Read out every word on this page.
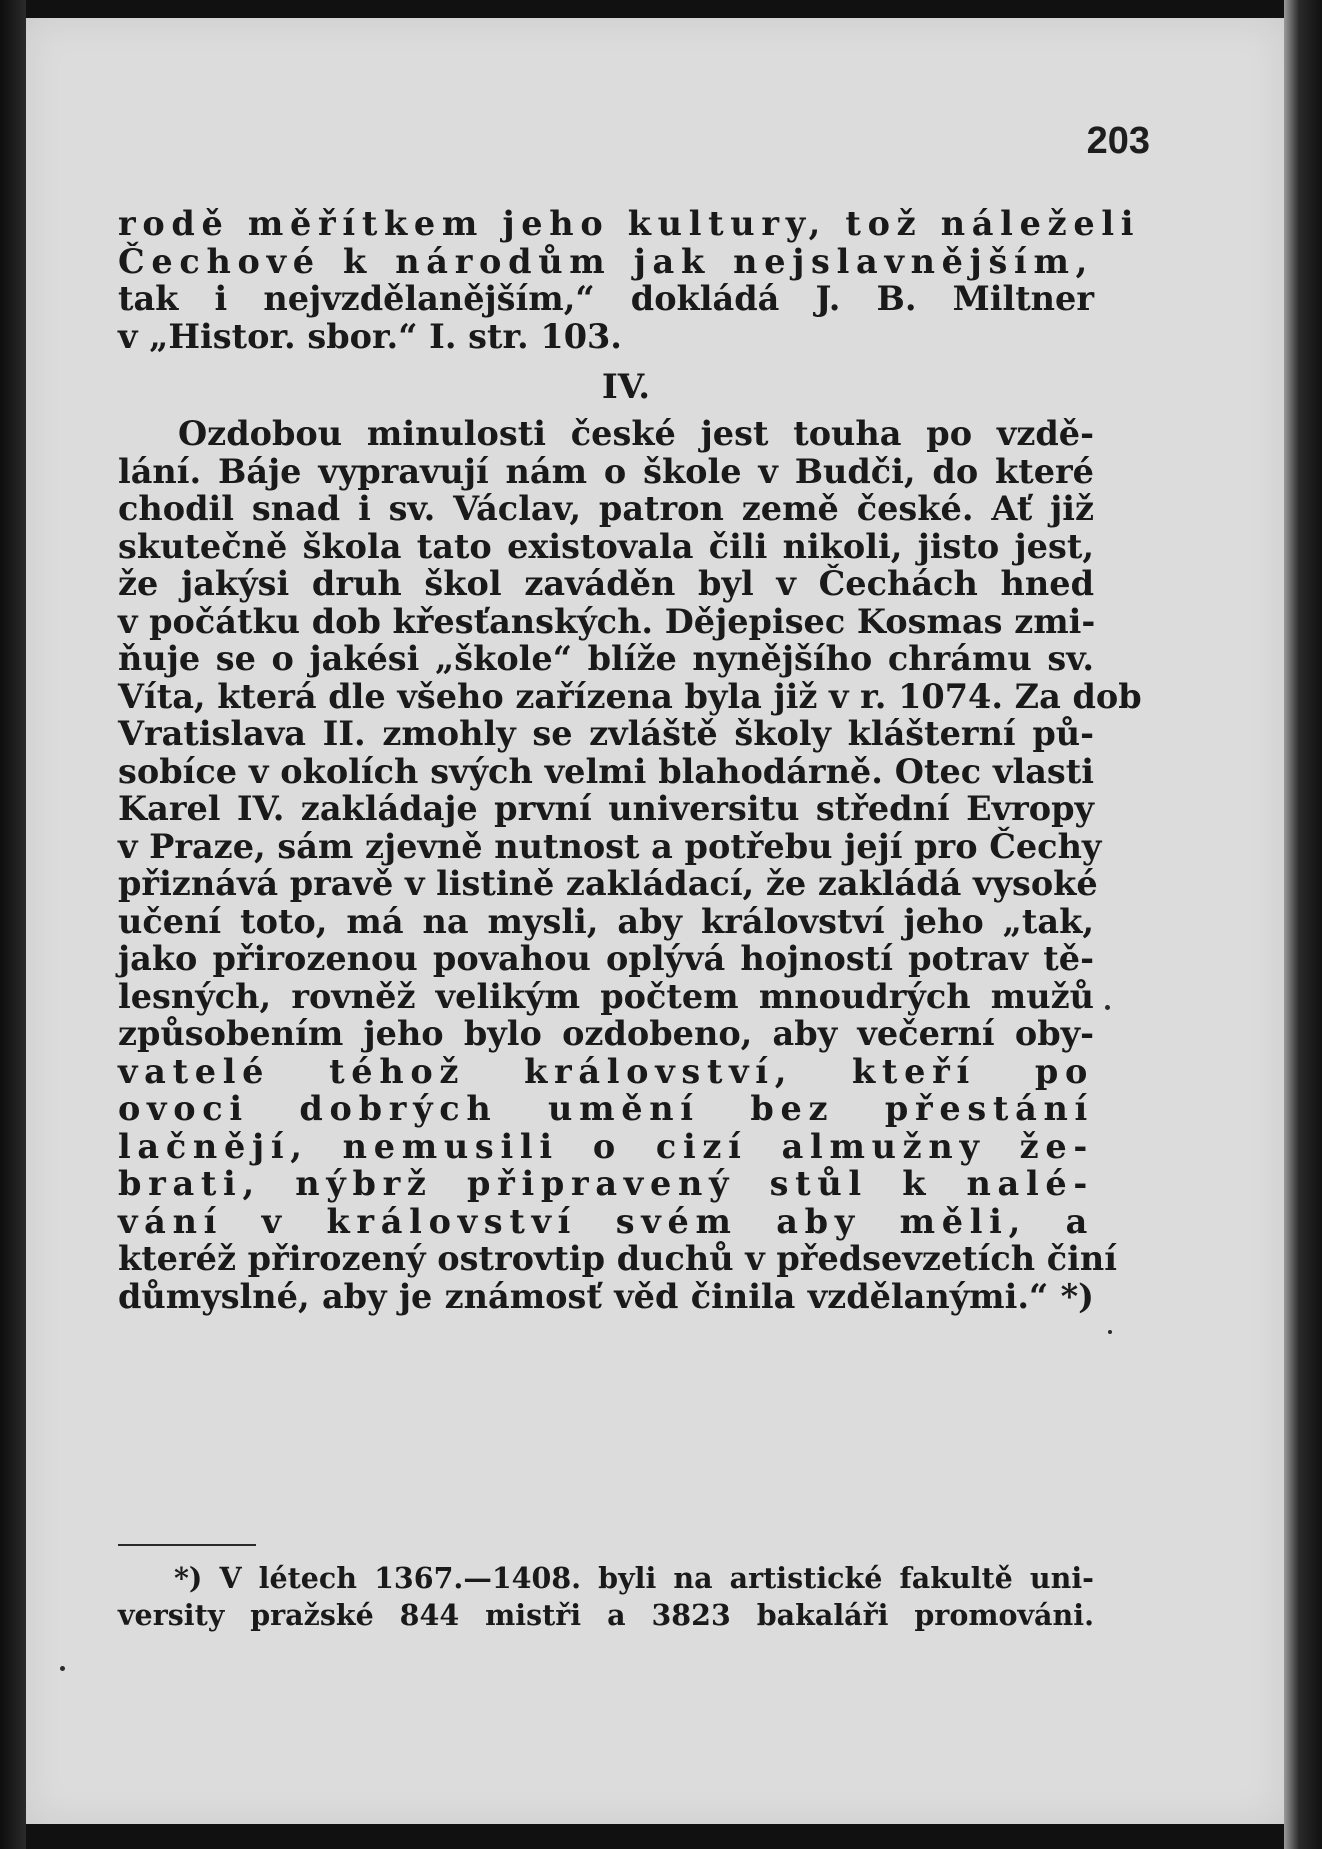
203
rodě měřítkem jeho kultury, tož náleželi
Čechové k národům jak nejslavnějším,
tak i nejvzdělanějším,“ dokládá J. B. Miltner
v „Histor. sbor.“ I. str. 103.
IV.
Ozdobou minulosti české jest touha po vzdě-
lání. Báje vypravují nám o škole v Budči, do které
chodil snad i sv. Václav, patron země české. Ať již
skutečně škola tato existovala čili nikoli, jisto jest,
že jakýsi druh škol zaváděn byl v Čechách hned
v počátku dob křesťanských. Dějepisec Kosmas zmi-
ňuje se o jakési „škole“ blíže nynějšího chrámu sv.
Víta, která dle všeho zařízena byla již v r. 1074. Za dob
Vratislava II. zmohly se zvláště školy klášterní pů-
sobíce v okolích svých velmi blahodárně. Otec vlasti
Karel IV. zakládaje první universitu střední Evropy
v Praze, sám zjevně nutnost a potřebu její pro Čechy
přiznává pravě v listině zakládací, že zakládá vysoké
učení toto, má na mysli, aby království jeho „tak,
jako přirozenou povahou oplývá hojností potrav tě-
lesných, rovněž velikým počtem mnoudrých mužů
způsobením jeho bylo ozdobeno, aby večerní oby-
vatelé téhož království, kteří po
ovoci dobrých umění bez přestání
lačnějí, nemusili o cizí almužny že-
brati, nýbrž připravený stůl k nalé-
vání v království svém aby měli, a
kteréž přirozený ostrovtip duchů v předsevzetích činí
důmyslné, aby je známosť věd činila vzdělanými.“ *)
*) V létech 1367.—1408. byli na artistické fakultě uni-
versity pražské 844 mistři a 3823 bakaláři promováni.
